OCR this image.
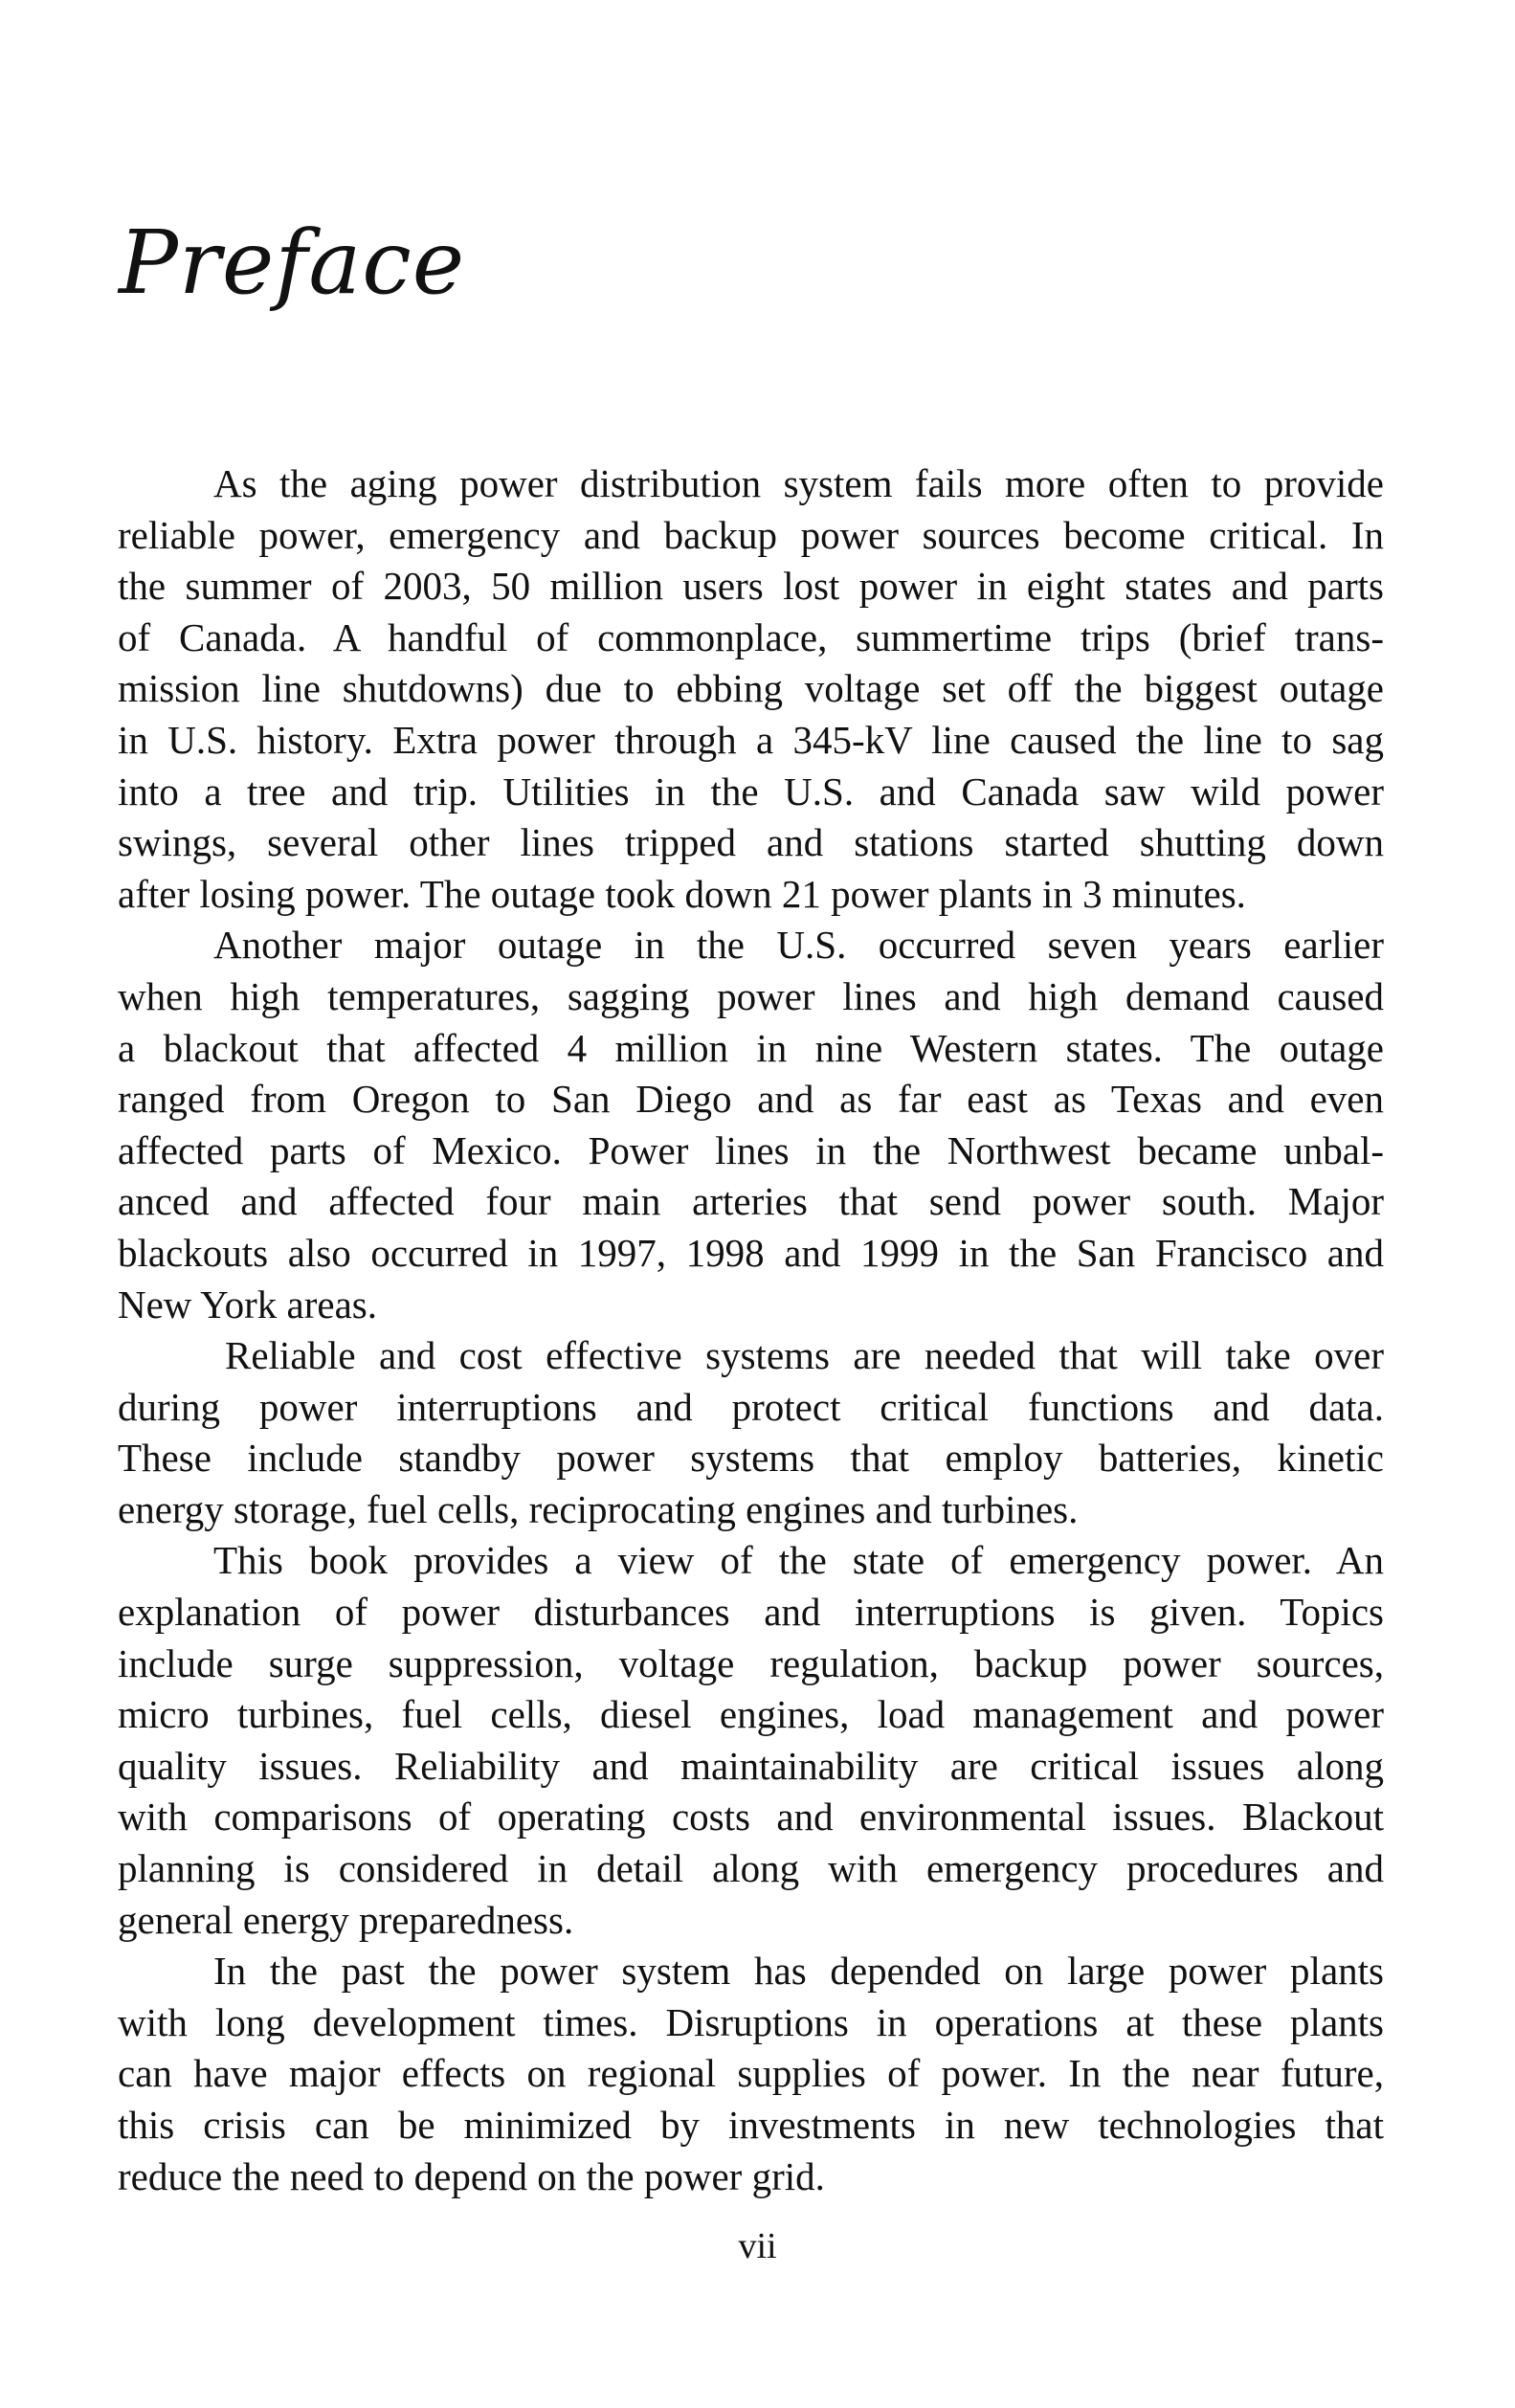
Preface
As the aging power distribution system fails more often to provide
reliable power, emergency and backup power sources become critical. In
the summer of 2003, 50 million users lost power in eight states and parts
of Canada. A handful of commonplace, summertime trips (brief trans-
mission line shutdowns) due to ebbing voltage set off the biggest outage
in U.S. history. Extra power through a 345-kV line caused the line to sag
into a tree and trip. Utilities in the U.S. and Canada saw wild power
swings, several other lines tripped and stations started shutting down
after losing power. The outage took down 21 power plants in 3 minutes.
Another major outage in the U.S. occurred seven years earlier
when high temperatures, sagging power lines and high demand caused
a blackout that affected 4 million in nine Western states. The outage
ranged from Oregon to San Diego and as far east as Texas and even
affected parts of Mexico. Power lines in the Northwest became unbal-
anced and affected four main arteries that send power south. Major
blackouts also occurred in 1997, 1998 and 1999 in the San Francisco and
New York areas.
Reliable and cost effective systems are needed that will take over
during power interruptions and protect critical functions and data.
These include standby power systems that employ batteries, kinetic
energy storage, fuel cells, reciprocating engines and turbines.
This book provides a view of the state of emergency power. An
explanation of power disturbances and interruptions is given. Topics
include surge suppression, voltage regulation, backup power sources,
micro turbines, fuel cells, diesel engines, load management and power
quality issues. Reliability and maintainability are critical issues along
with comparisons of operating costs and environmental issues. Blackout
planning is considered in detail along with emergency procedures and
general energy preparedness.
In the past the power system has depended on large power plants
with long development times. Disruptions in operations at these plants
can have major effects on regional supplies of power. In the near future,
this crisis can be minimized by investments in new technologies that
reduce the need to depend on the power grid.
vii
